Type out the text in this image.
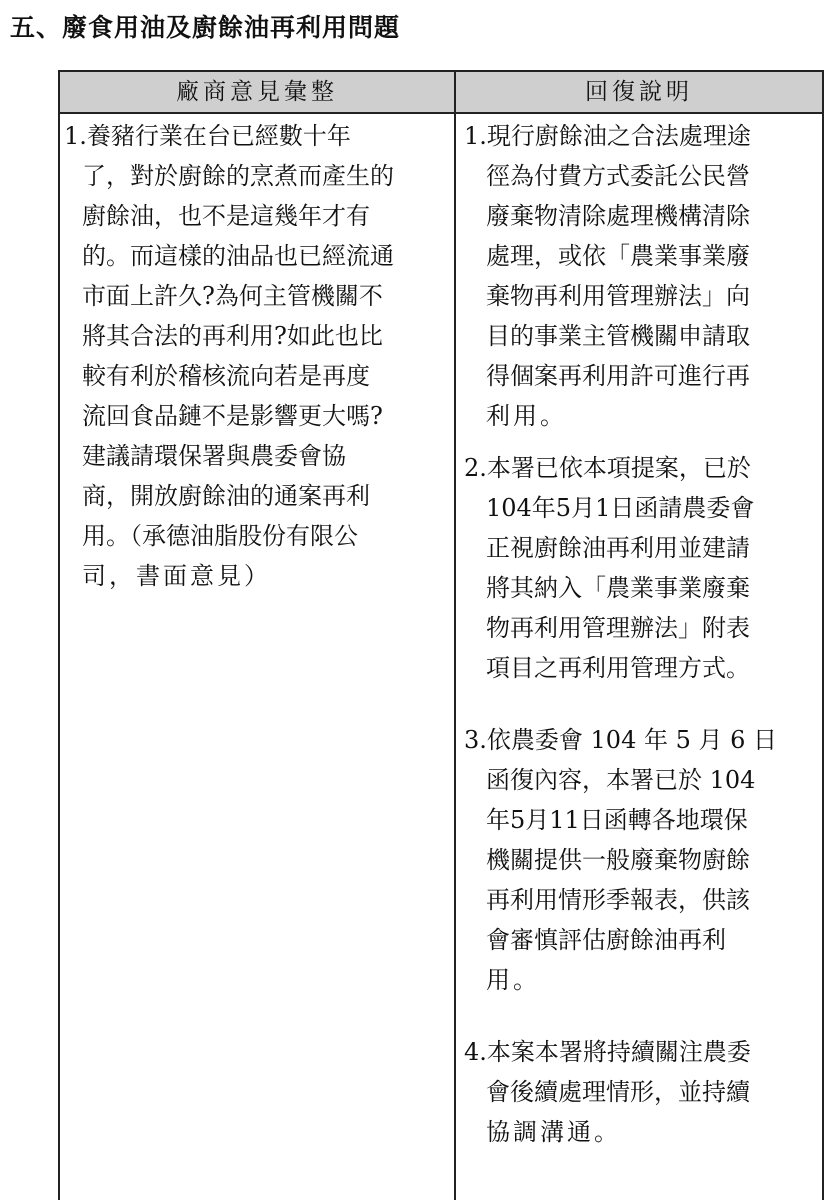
五、廢食用油及廚餘油再利用問題
廠商意見彙整	回復說明
1.養豬行業在台已經數十年
了，對於廚餘的烹煮而產生的
廚餘油，也不是這幾年才有
的。而這樣的油品也已經流通
市面上許久?為何主管機關不
將其合法的再利用?如此也比
較有利於稽核流向若是再度
流回食品鏈不是影響更大嗎?
建議請環保署與農委會協
商，開放廚餘油的通案再利
用。（承德油脂股份有限公
司，書面意見）
1.現行廚餘油之合法處理途
徑為付費方式委託公民營
廢棄物清除處理機構清除
處理，或依「農業事業廢
棄物再利用管理辦法」向
目的事業主管機關申請取
得個案再利用許可進行再
利用。
2.本署已依本項提案，已於
104年5月1日函請農委會
正視廚餘油再利用並建請
將其納入「農業事業廢棄
物再利用管理辦法」附表
項目之再利用管理方式。
3.依農委會 104 年 5 月 6 日
函復內容，本署已於 104
年5月11日函轉各地環保
機關提供一般廢棄物廚餘
再利用情形季報表，供該
會審慎評估廚餘油再利
用。
4.本案本署將持續關注農委
會後續處理情形，並持續
協調溝通。
